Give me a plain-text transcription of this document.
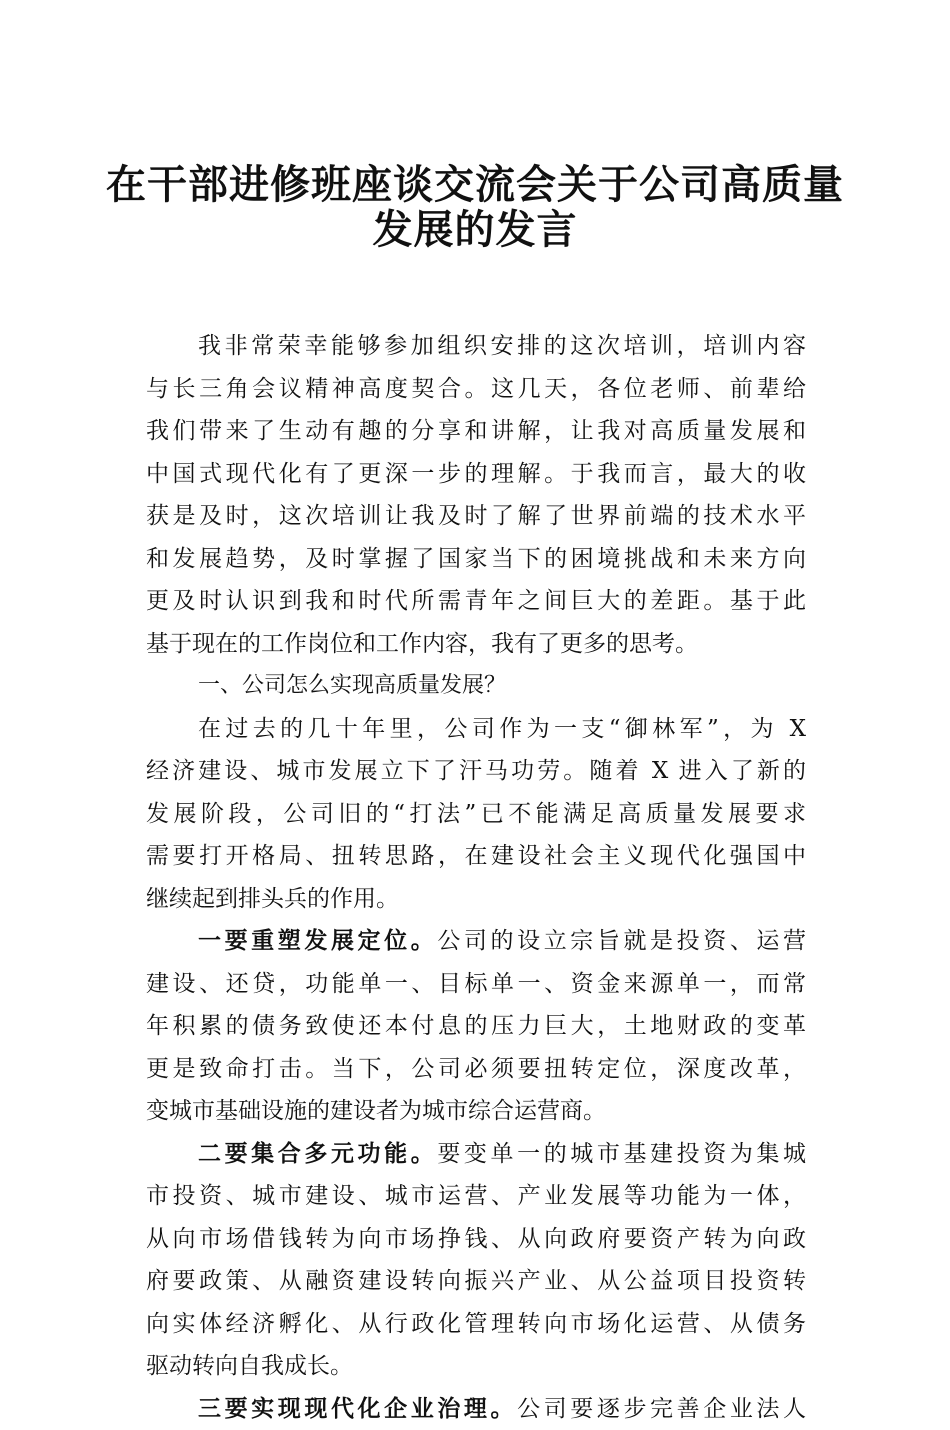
在干部进修班座谈交流会关于公司高质量
发展的发言
我非常荣幸能够参加组织安排的这次培训，培训内容
与长三角会议精神高度契合。这几天，各位老师、前辈给
我们带来了生动有趣的分享和讲解，让我对高质量发展和
中国式现代化有了更深一步的理解。于我而言，最大的收
获是及时，这次培训让我及时了解了世界前端的技术水平
和发展趋势，及时掌握了国家当下的困境挑战和未来方向
更及时认识到我和时代所需青年之间巨大的差距。基于此
基于现在的工作岗位和工作内容，我有了更多的思考。
一、公司怎么实现高质量发展？
在过去的几十年里，公司作为一支“御林军”，为 X
经济建设、城市发展立下了汗马功劳。随着 X 进入了新的
发展阶段，公司旧的“打法”已不能满足高质量发展要求
需要打开格局、扭转思路，在建设社会主义现代化强国中
继续起到排头兵的作用。
一要重塑发展定位。公司的设立宗旨就是投资、运营
建设、还贷，功能单一、目标单一、资金来源单一，而常
年积累的债务致使还本付息的压力巨大，土地财政的变革
更是致命打击。当下，公司必须要扭转定位，深度改革，
变城市基础设施的建设者为城市综合运营商。
二要集合多元功能。要变单一的城市基建投资为集城
市投资、城市建设、城市运营、产业发展等功能为一体，
从向市场借钱转为向市场挣钱、从向政府要资产转为向政
府要政策、从融资建设转向振兴产业、从公益项目投资转
向实体经济孵化、从行政化管理转向市场化运营、从债务
驱动转向自我成长。
三要实现现代化企业治理。公司要逐步完善企业法人
